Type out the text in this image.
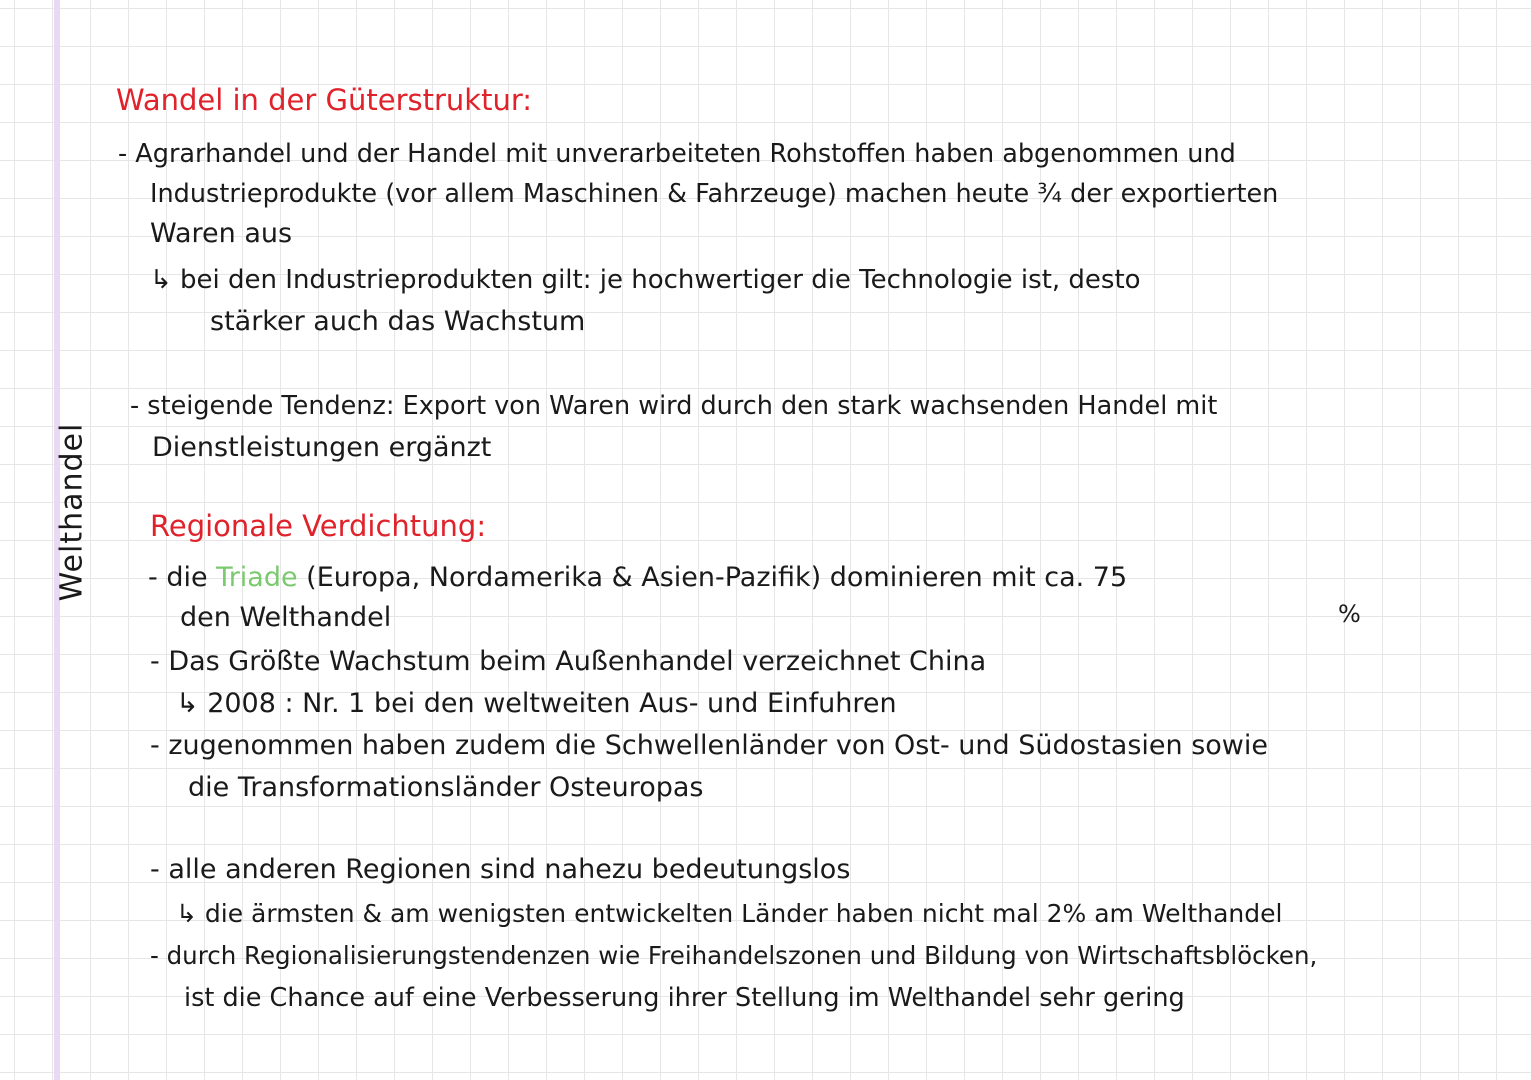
Welthandel

Wandel in der Güterstruktur:

- Agrarhandel und der Handel mit unverarbeiteten Rohstoffen haben abgenommen und

Industrieprodukte (vor allem Maschinen & Fahrzeuge) machen heute ¾ der exportierten

Waren aus

↳ bei den Industrieprodukten gilt: je hochwertiger die Technologie ist, desto

stärker auch das Wachstum

- steigende Tendenz: Export von Waren wird durch den stark wachsenden Handel mit

Dienstleistungen ergänzt

Regionale Verdichtung:

- die Triade (Europa, Nordamerika & Asien-Pazifik) dominieren mit ca. 75

den Welthandel	%

- Das Größte Wachstum beim Außenhandel verzeichnet China

↳ 2008 : Nr. 1 bei den weltweiten Aus- und Einfuhren

- zugenommen haben zudem die Schwellenländer von Ost- und Südostasien sowie

die Transformationsländer Osteuropas

- alle anderen Regionen sind nahezu bedeutungslos

↳ die ärmsten & am wenigsten entwickelten Länder haben nicht mal 2% am Welthandel

- durch Regionalisierungstendenzen wie Freihandelszonen und Bildung von Wirtschaftsblöcken,

ist die Chance auf eine Verbesserung ihrer Stellung im Welthandel sehr gering
